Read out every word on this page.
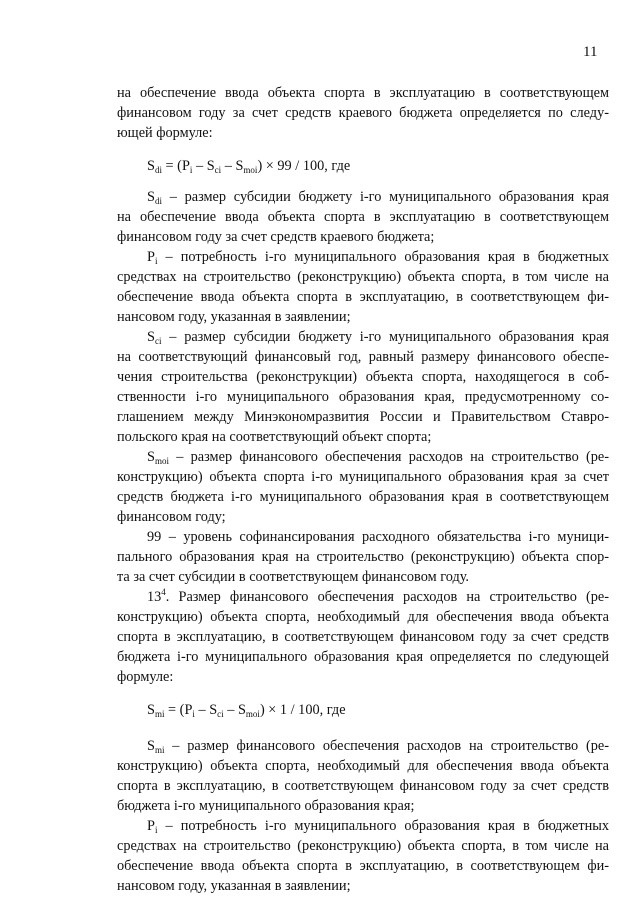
11

на обеспечение ввода объекта спорта в эксплуатацию в соответствующем

финансовом году за счет средств краевого бюджета определяется по следу-

ющей формуле:

$S_{di} = (P_i - S_{ci} - S_{moi}) \times 99 / 100$, где

$S_{di}$ – размер субсидии бюджету i-го муниципального образования края

на обеспечение ввода объекта спорта в эксплуатацию в соответствующем

финансовом году за счет средств краевого бюджета;

$P_i$ – потребность i-го муниципального образования края в бюджетных

средствах на строительство (реконструкцию) объекта спорта, в том числе на

обеспечение ввода объекта спорта в эксплуатацию, в соответствующем фи-

нансовом году, указанная в заявлении;

$S_{ci}$ – размер субсидии бюджету i-го муниципального образования края

на соответствующий финансовый год, равный размеру финансового обеспе-

чения строительства (реконструкции) объекта спорта, находящегося в соб-

ственности i-го муниципального образования края, предусмотренному со-

глашением между Минэкономразвития России и Правительством Ставро-

польского края на соответствующий объект спорта;

$S_{moi}$ – размер финансового обеспечения расходов на строительство (ре-

конструкцию) объекта спорта i-го муниципального образования края за счет

средств бюджета i-го муниципального образования края в соответствующем

финансовом году;

99 – уровень софинансирования расходного обязательства i-го муници-

пального образования края на строительство (реконструкцию) объекта спор-

та за счет субсидии в соответствующем финансовом году.

$13^4$. Размер финансового обеспечения расходов на строительство (ре-

конструкцию) объекта спорта, необходимый для обеспечения ввода объекта

спорта в эксплуатацию, в соответствующем финансовом году за счет средств

бюджета i-го муниципального образования края определяется по следующей

формуле:

$S_{mi} = (P_i - S_{ci} - S_{moi}) \times 1 / 100$, где

$S_{mi}$ – размер финансового обеспечения расходов на строительство (ре-

конструкцию) объекта спорта, необходимый для обеспечения ввода объекта

спорта в эксплуатацию, в соответствующем финансовом году за счет средств

бюджета i-го муниципального образования края;

$P_i$ – потребность i-го муниципального образования края в бюджетных

средствах на строительство (реконструкцию) объекта спорта, в том числе на

обеспечение ввода объекта спорта в эксплуатацию, в соответствующем фи-

нансовом году, указанная в заявлении;
